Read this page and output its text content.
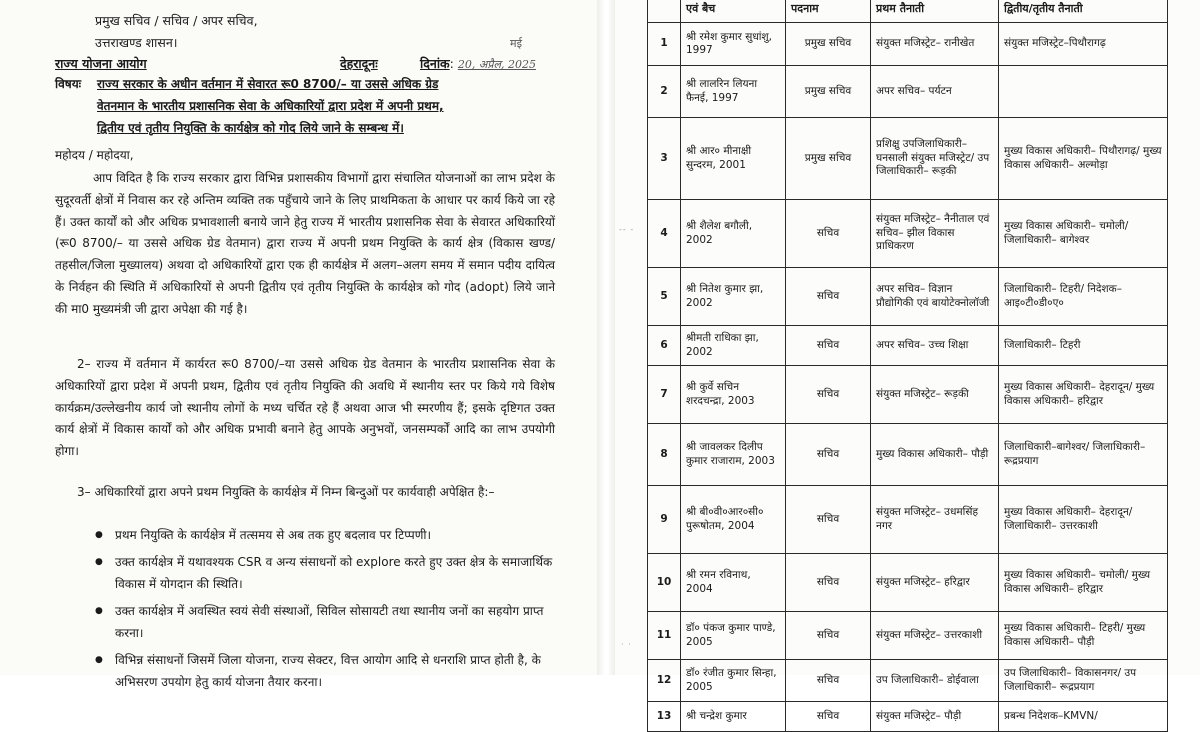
प्रमुख सचिव / सचिव / अपर सचिव,
उत्तराखण्ड शासन।
राज्य योजना आयोग	देहरादूनः	दिनांक: 20, अप्रैल, 2025
मई
विषयः राज्य सरकार के अधीन वर्तमान में सेवारत रू0 8700/– या उससे अधिक ग्रेड
वेतनमान के भारतीय प्रशासनिक सेवा के अधिकारियों द्वारा प्रदेश में अपनी प्रथम,
द्वितीय एवं तृतीय नियुक्ति के कार्यक्षेत्र को गोद लिये जाने के सम्बन्ध में।
महोदय / महोदया,
आप विदित है कि राज्य सरकार द्वारा विभिन्न प्रशासकीय विभागों द्वारा संचालित योजनाओं का लाभ प्रदेश के सुदूरवर्ती क्षेत्रों में निवास कर रहे अन्तिम व्यक्ति तक पहुँचाये जाने के लिए प्राथमिकता के आधार पर कार्य किये जा रहे हैं। उक्त कार्यों को और अधिक प्रभावशाली बनाये जाने हेतु राज्य में भारतीय प्रशासनिक सेवा के सेवारत अधिकारियों (रू0 8700/– या उससे अधिक ग्रेड वेतमान) द्वारा राज्य में अपनी प्रथम नियुक्ति के कार्य क्षेत्र (विकास खण्ड/तहसील/जिला मुख्यालय) अथवा दो अधिकारियों द्वारा एक ही कार्यक्षेत्र में अलग–अलग समय में समान पदीय दायित्व के निर्वहन की स्थिति में अधिकारियों से अपनी द्वितीय एवं तृतीय नियुक्ति के कार्यक्षेत्र को गोद (adopt) लिये जाने की मा0 मुख्यमंत्री जी द्वारा अपेक्षा की गई है।
2– राज्य में वर्तमान में कार्यरत रू0 8700/–या उससे अधिक ग्रेड वेतमान के भारतीय प्रशासनिक सेवा के अधिकारियों द्वारा प्रदेश में अपनी प्रथम, द्वितीय एवं तृतीय नियुक्ति की अवधि में स्थानीय स्तर पर किये गये विशेष कार्यक्रम/उल्लेखनीय कार्य जो स्थानीय लोगों के मध्य चर्चित रहे हैं अथवा आज भी स्मरणीय हैं; इसके दृष्टिगत उक्त कार्य क्षेत्रों में विकास कार्यों को और अधिक प्रभावी बनाने हेतु आपके अनुभवों, जनसम्पर्कों आदि का लाभ उपयोगी होगा।
3– अधिकारियों द्वारा अपने प्रथम नियुक्ति के कार्यक्षेत्र में निम्न बिन्दुओं पर कार्यवाही अपेक्षित है:–
● प्रथम नियुक्ति के कार्यक्षेत्र में तत्समय से अब तक हुए बदलाव पर टिप्पणी।
● उक्त कार्यक्षेत्र में यथावश्यक CSR व अन्य संसाधनों को explore करते हुए उक्त क्षेत्र के समाजार्थिक विकास में योगदान की स्थिति।
● उक्त कार्यक्षेत्र में अवस्थित स्वयं सेवी संस्थाओं, सिविल सोसायटी तथा स्थानीय जनों का सहयोग प्राप्त करना।
● विभिन्न संसाधनों जिसमें जिला योजना, राज्य सेक्टर, वित्त आयोग आदि से धनराशि प्राप्त होती है, के अभिसरण उपयोग हेतु कार्य योजना तैयार करना।
-- -
· ·
	एवं बैच	पदनाम	प्रथम तैनाती	द्वितीय/तृतीय तैनाती
1	श्री रमेश कुमार सुधांशु, 1997	प्रमुख सचिव	संयुक्त मजिस्ट्रेट– रानीखेत	संयुक्त मजिस्ट्रेट–पिथौरागढ़
2	श्री लालरिन लियना फैनई, 1997	प्रमुख सचिव	अपर सचिव– पर्यटन	
3	श्री आर० मीनाक्षी सुन्दरम, 2001	प्रमुख सचिव	प्रशिक्षु उपजिलाधिकारी– घनसाली संयुक्त मजिस्ट्रेट/ उप जिलाधिकारी– रूड़की	मुख्य विकास अधिकारी– पिथौरागढ़/ मुख्य विकास अधिकारी– अल्मोड़ा
4	श्री शैलेश बगौली, 2002	सचिव	संयुक्त मजिस्ट्रेट– नैनीताल एवं सचिव– झील विकास प्राधिकरण	मुख्य विकास अधिकारी– चमोली/ जिलाधिकारी– बागेश्वर
5	श्री नितेश कुमार झा, 2002	सचिव	अपर सचिव– विज्ञान प्रौद्योगिकी एवं बायोटेक्नोलॉजी	जिलाधिकारी– टिहरी/ निदेशक– आइ०टी०डी०ए०
6	श्रीमती राधिका झा, 2002	सचिव	अपर सचिव– उच्च शिक्षा	जिलाधिकारी– टिहरी
7	श्री कुर्वे सचिन शरदचन्द्रा, 2003	सचिव	संयुक्त मजिस्ट्रेट– रूड़की	मुख्य विकास अधिकारी– देहरादून/ मुख्य विकास अधिकारी– हरिद्वार
8	श्री जावलकर दिलीप कुमार राजाराम, 2003	सचिव	मुख्य विकास अधिकारी– पौड़ी	जिलाधिकारी–बागेश्वर/ जिलाधिकारी–रूद्रप्रयाग
9	श्री बी०वी०आर०सी० पुरूषोतम, 2004	सचिव	संयुक्त मजिस्ट्रेट– उधमसिंह नगर	मुख्य विकास अधिकारी– देहरादून/ जिलाधिकारी– उत्तरकाशी
10	श्री रमन रविनाथ, 2004	सचिव	संयुक्त मजिस्ट्रेट– हरिद्वार	मुख्य विकास अधिकारी– चमोली/ मुख्य विकास अधिकारी– हरिद्वार
11	डॉ० पंकज कुमार पाण्डे, 2005	सचिव	संयुक्त मजिस्ट्रेट– उत्तरकाशी	मुख्य विकास अधिकारी– टिहरी/ मुख्य विकास अधिकारी– पौड़ी
12	डॉ० रंजीत कुमार सिन्हा, 2005	सचिव	उप जिलाधिकारी– डोईवाला	उप जिलाधिकारी– विकासनगर/ उप जिलाधिकारी– रूद्रप्रयाग
13	श्री चन्द्रेश कुमार	सचिव	संयुक्त मजिस्ट्रेट– पौड़ी	प्रबन्ध निदेशक–KMVN/
